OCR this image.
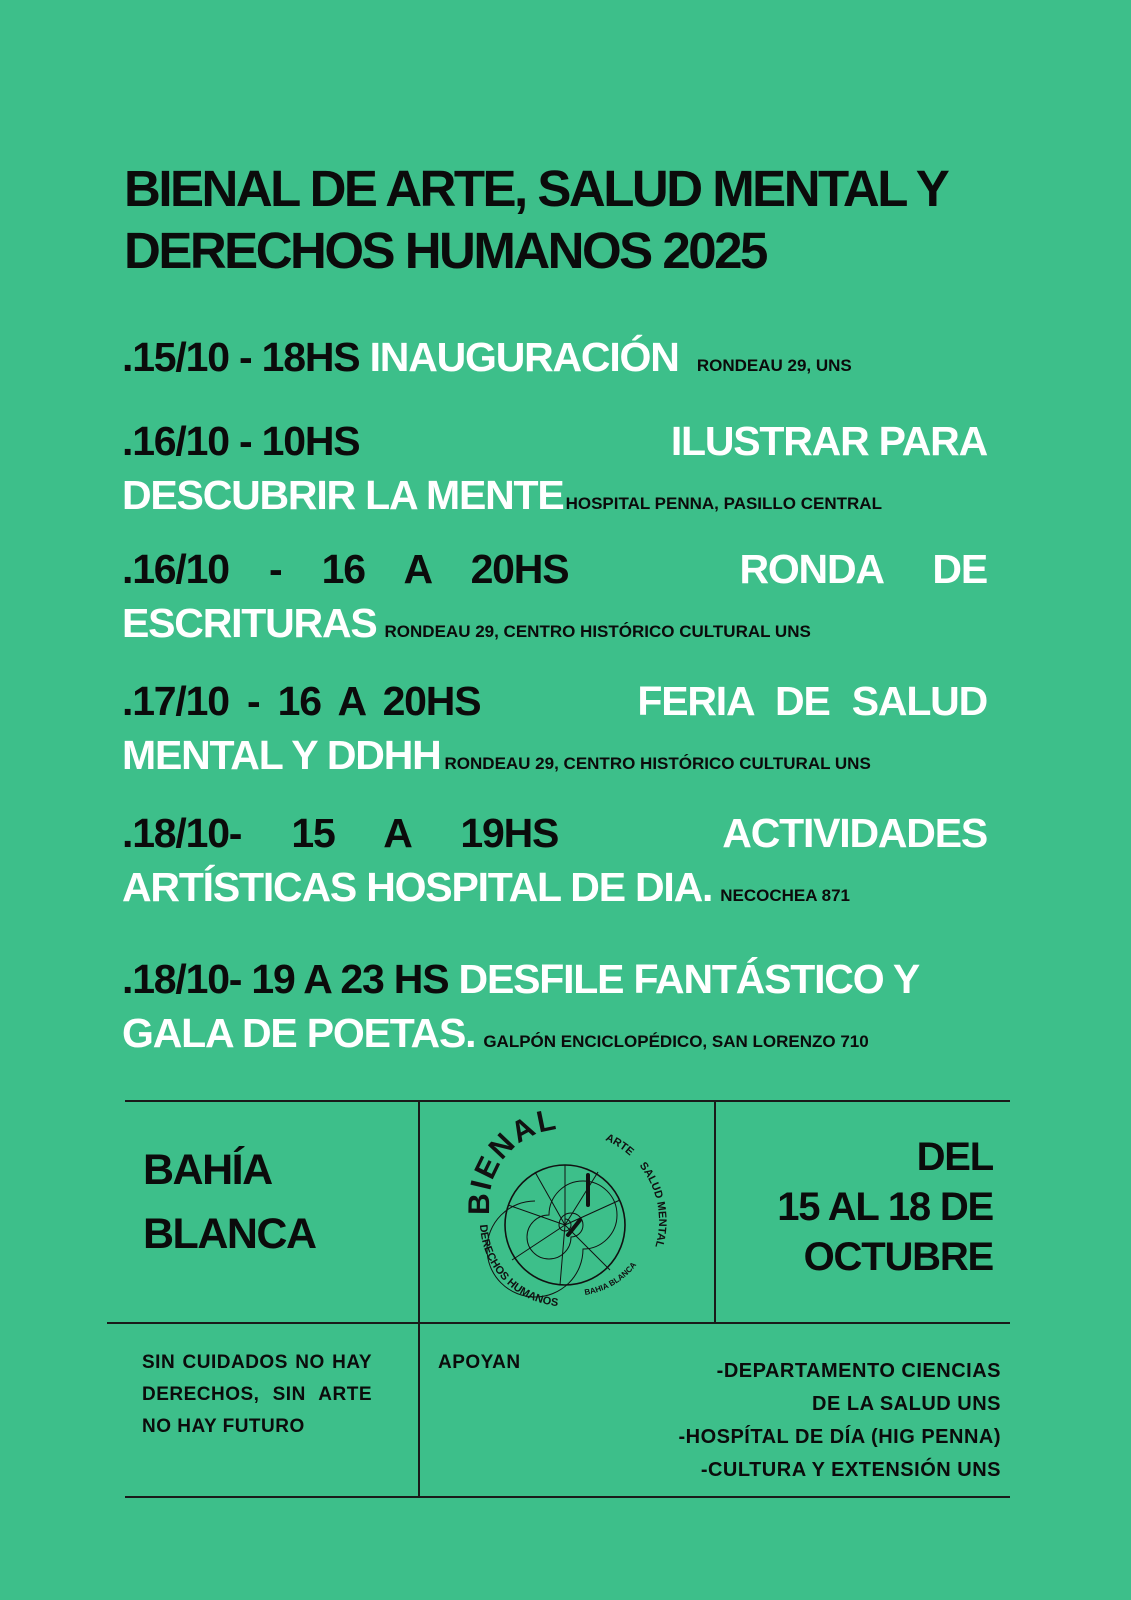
BIENAL DE ARTE, SALUD MENTAL Y DERECHOS HUMANOS 2025
.15/10 - 18HS INAUGURACIÓN RONDEAU 29, UNS
.16/10 - 10HS	ILUSTRAR PARA
DESCUBRIR LA MENTE HOSPITAL PENNA, PASILLO CENTRAL
.16/10 - 16 A 20HS	RONDA DE
ESCRITURAS RONDEAU 29, CENTRO HISTÓRICO CULTURAL UNS
.17/10 - 16 A 20HS	FERIA DE SALUD
MENTAL Y DDHH RONDEAU 29, CENTRO HISTÓRICO CULTURAL UNS
.18/10- 15 A 19HS	ACTIVIDADES
ARTÍSTICAS HOSPITAL DE DIA. NECOCHEA 871
.18/10- 19 A 23 HS DESFILE FANTÁSTICO Y
GALA DE POETAS. GALPÓN ENCICLOPÉDICO, SAN LORENZO 710
BAHÍA
BLANCA
BIENAL	ARTE SALUD MENTAL
DERECHOS HUMANOS
BAHIA BLANCA
DEL
15 AL 18 DE
OCTUBRE
SIN CUIDADOS NO HAY DERECHOS, SIN ARTE NO HAY FUTURO
APOYAN	-DEPARTAMENTO CIENCIAS
DE LA SALUD UNS
-HOSPÍTAL DE DÍA (HIG PENNA)
-CULTURA Y EXTENSIÓN UNS
